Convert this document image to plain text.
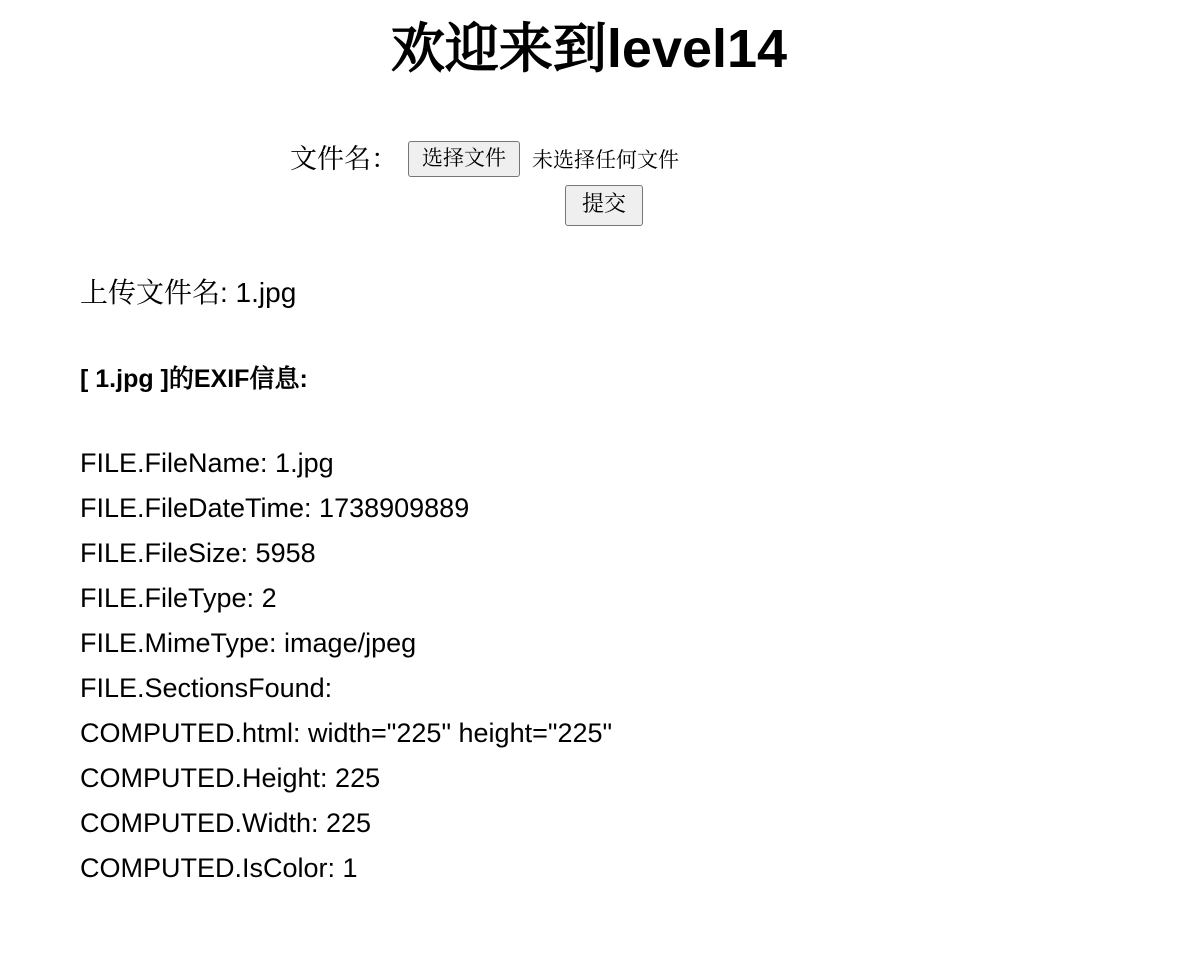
欢迎来到level14
文件名：	选择文件	未选择任何文件
提交

上传文件名: 1.jpg

[ 1.jpg ]的EXIF信息:

FILE.FileName: 1.jpg
FILE.FileDateTime: 1738909889
FILE.FileSize: 5958
FILE.FileType: 2
FILE.MimeType: image/jpeg
FILE.SectionsFound:
COMPUTED.html: width="225" height="225"
COMPUTED.Height: 225
COMPUTED.Width: 225
COMPUTED.IsColor: 1
